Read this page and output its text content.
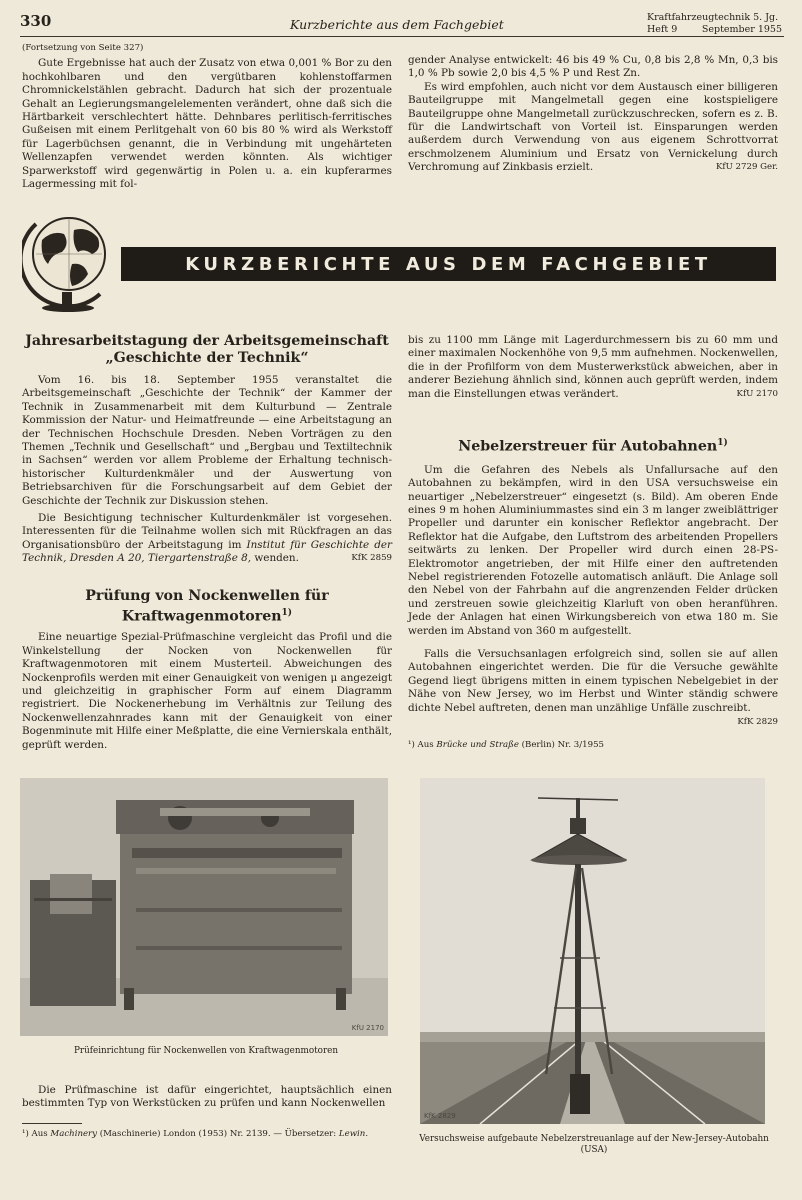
330	Kurzberichte aus dem Fachgebiet	Kraftfahrzeugtechnik 5. Jg.
Heft 9	September 1955

(Fortsetzung von Seite 327)

Gute Ergebnisse hat auch der Zusatz von etwa 0,001 % Bor zu den hochkohlbaren und den vergütbaren kohlenstoffarmen Chromnickelstählen gebracht. Dadurch hat sich der prozentuale Gehalt an Legierungsmangelelementen verändert, ohne daß sich die Härtbarkeit verschlechtert hätte. Dehnbares perlitisch-ferritisches Gußeisen mit einem Perlitgehalt von 60 bis 80 % wird als Werkstoff für Lagerbüchsen genannt, die in Verbindung mit ungehärteten Wellenzapfen verwendet werden könnten. Als wichtiger Sparwerkstoff wird gegenwärtig in Polen u. a. ein kupferarmes Lagermessing mit fol-

gender Analyse entwickelt: 46 bis 49 % Cu, 0,8 bis 2,8 % Mn, 0,3 bis 1,0 % Pb sowie 2,0 bis 4,5 % P und Rest Zn.

Es wird empfohlen, auch nicht vor dem Austausch einer billigeren Bauteilgruppe mit Mangelmetall gegen eine kostspieligere Bauteilgruppe ohne Mangelmetall zurückzuschrecken, sofern es z. B. für die Landwirtschaft von Vorteil ist. Einsparungen werden außerdem durch Verwendung von aus eigenem Schrottvorrat erschmolzenem Aluminium und Ersatz von Vernickelung durch Verchromung auf Zinkbasis erzielt.	KfU 2729 Ger.

KURZBERICHTE AUS DEM FACHGEBIET

Jahresarbeitstagung der Arbeitsgemeinschaft „Geschichte der Technik“

Vom 16. bis 18. September 1955 veranstaltet die Arbeitsgemeinschaft „Geschichte der Technik“ der Kammer der Technik in Zusammenarbeit mit dem Kulturbund — Zentrale Kommission der Natur- und Heimatfreunde — eine Arbeitstagung an der Technischen Hochschule Dresden. Neben Vorträgen zu den Themen „Technik und Gesellschaft“ und „Bergbau und Textiltechnik in Sachsen“ werden vor allem Probleme der Erhaltung technisch-historischer Kulturdenkmäler und der Auswertung von Betriebsarchiven für die Forschungsarbeit auf dem Gebiet der Geschichte der Technik zur Diskussion stehen.

Die Besichtigung technischer Kulturdenkmäler ist vorgesehen. Interessenten für die Teilnahme wollen sich mit Rückfragen an das Organisationsbüro der Arbeitstagung im Institut für Geschichte der Technik, Dresden A 20, Tiergartenstraße 8, wenden.	KfK 2859

Prüfung von Nockenwellen für Kraftwagenmotoren$^{1)}$

Eine neuartige Spezial-Prüfmaschine vergleicht das Profil und die Winkelstellung der Nocken von Nockenwellen für Kraftwagenmotoren mit einem Musterteil. Abweichungen des Nockenprofils werden mit einer Genauigkeit von wenigen μ angezeigt und gleichzeitig in graphischer Form auf einem Diagramm registriert. Die Nockenerhebung im Verhältnis zur Teilung des Nockenwellenzahnrades kann mit der Genauigkeit von einer Bogenminute mit Hilfe einer Meßplatte, die eine Vernierskala enthält, geprüft werden.

KfU 2170
Prüfeinrichtung für Nockenwellen von Kraftwagenmotoren

Die Prüfmaschine ist dafür eingerichtet, hauptsächlich einen bestimmten Typ von Werkstücken zu prüfen und kann Nockenwellen

¹) Aus Machinery (Maschinerie) London (1953) Nr. 2139. — Übersetzer: Lewin.

bis zu 1100 mm Länge mit Lagerdurchmessern bis zu 60 mm und einer maximalen Nockenhöhe von 9,5 mm aufnehmen. Nockenwellen, die in der Profilform von dem Musterwerkstück abweichen, aber in anderer Beziehung ähnlich sind, können auch geprüft werden, indem man die Einstellungen etwas verändert.	KfU 2170

Nebelzerstreuer für Autobahnen$^{1)}$

Um die Gefahren des Nebels als Unfallursache auf den Autobahnen zu bekämpfen, wird in den USA versuchsweise ein neuartiger „Nebelzerstreuer“ eingesetzt (s. Bild). Am oberen Ende eines 9 m hohen Aluminiummastes sind ein 3 m langer zweiblättriger Propeller und darunter ein konischer Reflektor angebracht. Der Reflektor hat die Aufgabe, den Luftstrom des arbeitenden Propellers seitwärts zu lenken. Der Propeller wird durch einen 28-PS-Elektromotor angetrieben, der mit Hilfe einer den auftretenden Nebel registrierenden Fotozelle automatisch anläuft. Die Anlage soll den Nebel von der Fahrbahn auf die angrenzenden Felder drücken und zerstreuen sowie gleichzeitig Klarluft von oben heranführen. Jede der Anlagen hat einen Wirkungsbereich von etwa 180 m. Sie werden im Abstand von 360 m aufgestellt.

Falls die Versuchsanlagen erfolgreich sind, sollen sie auf allen Autobahnen eingerichtet werden. Die für die Versuche gewählte Gegend liegt übrigens mitten in einem typischen Nebelgebiet in der Nähe von New Jersey, wo im Herbst und Winter ständig schwere dichte Nebel auftreten, denen man unzählige Unfälle zuschreibt.

KfK 2829

¹) Aus Brücke und Straße (Berlin) Nr. 3/1955

KfK 2829
Versuchsweise aufgebaute Nebelzerstreuanlage auf der New-Jersey-Autobahn (USA)
